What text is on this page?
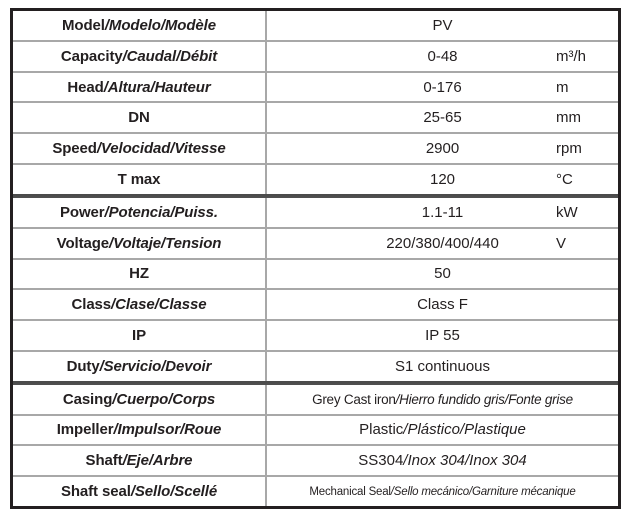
Model/Modelo/Modèle	PV
Capacity/Caudal/Débit	0-48	m³/h
Head/Altura/Hauteur	0-176	m
DN	25-65	mm
Speed/Velocidad/Vitesse	2900	rpm
T max	120	°C
Power/Potencia/Puiss.	1.1-11	kW
Voltage/Voltaje/Tension	220/380/400/440	V
HZ	50
Class/Clase/Classe	Class F
IP	IP 55
Duty/Servicio/Devoir	S1 continuous
Casing/Cuerpo/Corps	Grey Cast iron/Hierro fundido gris/Fonte grise
Impeller/Impulsor/Roue	Plastic/Plástico/Plastique
Shaft/Eje/Arbre	SS304/Inox 304/Inox 304
Shaft seal/Sello/Scellé	Mechanical Seal/Sello mecánico/Garniture mécanique
